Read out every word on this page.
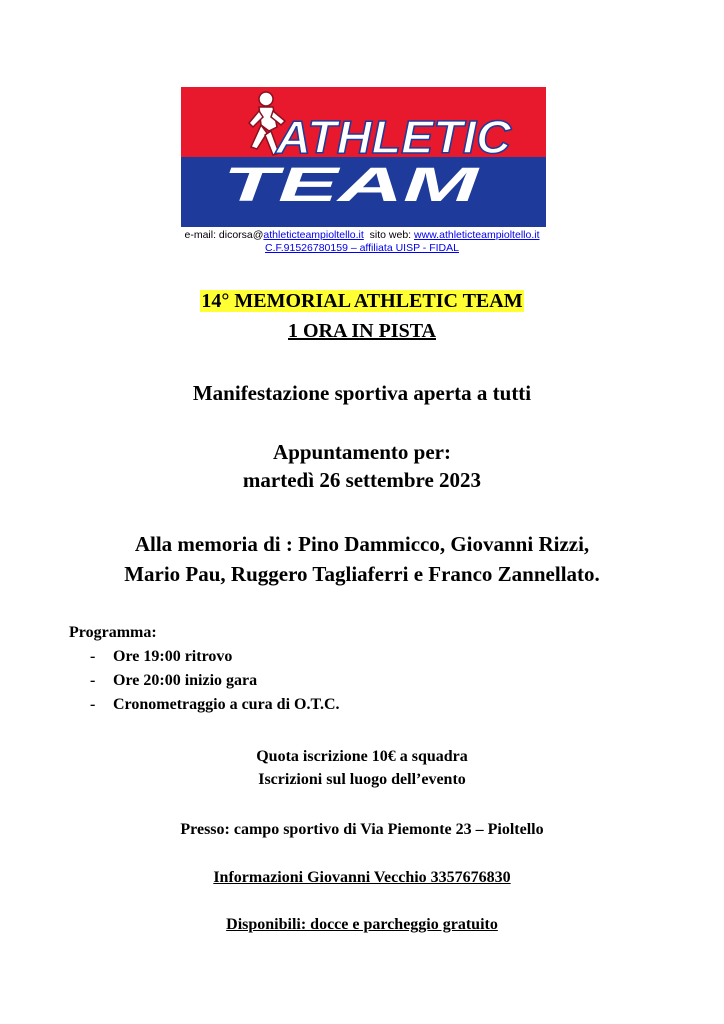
ATHLETIC
TEAM
e-mail: dicorsa@athleticteampioltello.it sito web: www.athleticteampioltello.it
C.F.91526780159 – affiliata UISP - FIDAL
14° MEMORIAL ATHLETIC TEAM
1 ORA IN PISTA
Manifestazione sportiva aperta a tutti
Appuntamento per:
martedì 26 settembre 2023
Alla memoria di : Pino Dammicco, Giovanni Rizzi,
Mario Pau, Ruggero Tagliaferri e Franco Zannellato.
Programma:
- Ore 19:00 ritrovo
- Ore 20:00 inizio gara
- Cronometraggio a cura di O.T.C.
Quota iscrizione 10€ a squadra
Iscrizioni sul luogo dell’evento
Presso: campo sportivo di Via Piemonte 23 – Pioltello
Informazioni Giovanni Vecchio 3357676830
Disponibili: docce e parcheggio gratuito
